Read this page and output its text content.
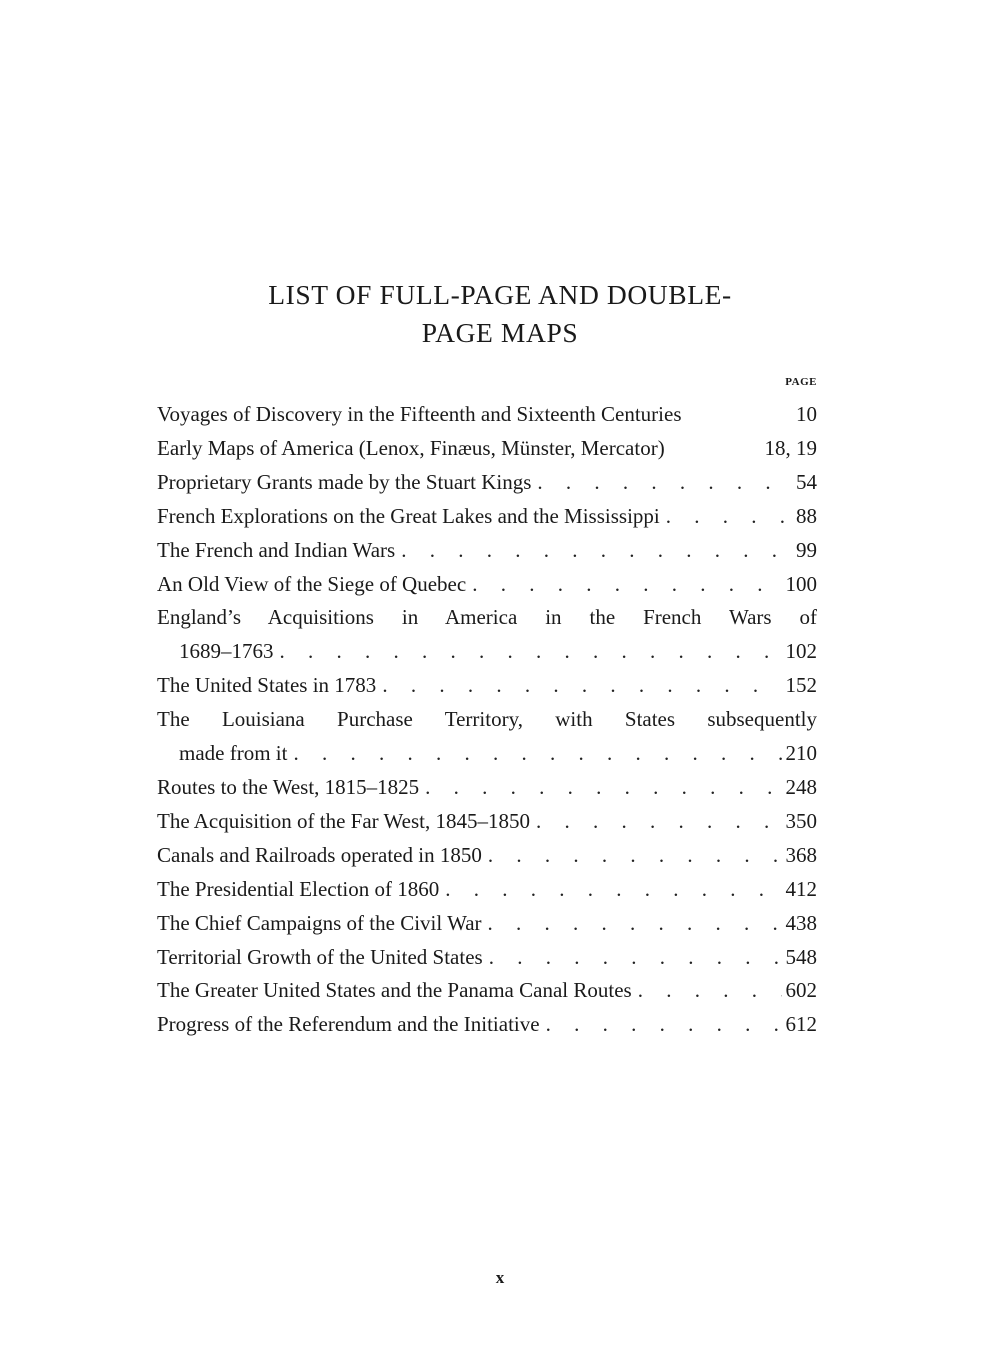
LIST OF FULL-PAGE AND DOUBLE-
PAGE MAPS
PAGE
Voyages of Discovery in the Fifteenth and Sixteenth Centuries	10
Early Maps of America (Lenox, Finæus, Münster, Mercator)	18, 19
Proprietary Grants made by the Stuart Kings . . .	54
French Explorations on the Great Lakes and the Mississippi . . .	88
The French and Indian Wars . . .	99
An Old View of the Siege of Quebec . . .	100
England’s Acquisitions in America in the French Wars of
1689–1763 . . .	102
The United States in 1783 . . .	152
The Louisiana Purchase Territory, with States subsequently
made from it . . .	210
Routes to the West, 1815–1825 . . .	248
The Acquisition of the Far West, 1845–1850 . . .	350
Canals and Railroads operated in 1850 . . .	368
The Presidential Election of 1860 . . .	412
The Chief Campaigns of the Civil War . . .	438
Territorial Growth of the United States . . .	548
The Greater United States and the Panama Canal Routes . . .	602
Progress of the Referendum and the Initiative . . .	612
x
